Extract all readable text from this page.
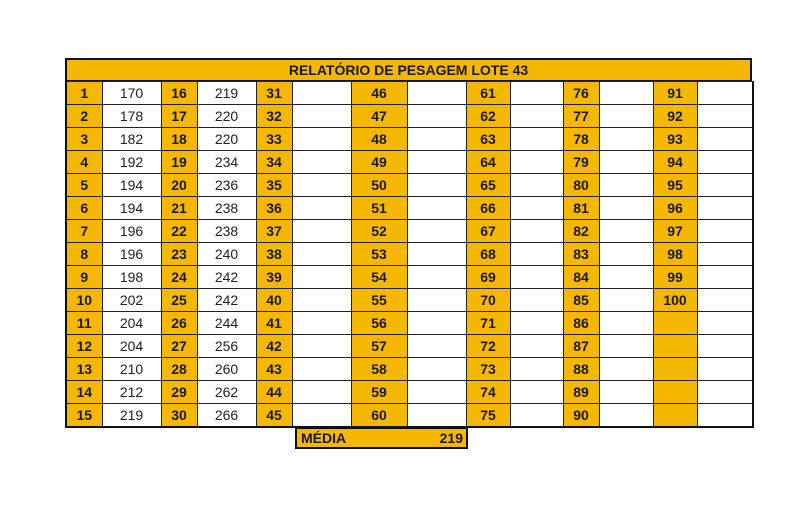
RELATÓRIO DE PESAGEM LOTE 43
1	170	16	219	31		46		61		76		91	
2	178	17	220	32		47		62		77		92	
3	182	18	220	33		48		63		78		93	
4	192	19	234	34		49		64		79		94	
5	194	20	236	35		50		65		80		95	
6	194	21	238	36		51		66		81		96	
7	196	22	238	37		52		67		82		97	
8	196	23	240	38		53		68		83		98	
9	198	24	242	39		54		69		84		99	
10	202	25	242	40		55		70		85		100	
11	204	26	244	41		56		71		86			
12	204	27	256	42		57		72		87			
13	210	28	260	43		58		73		88			
14	212	29	262	44		59		74		89			
15	219	30	266	45		60		75		90			
MÉDIA	219
